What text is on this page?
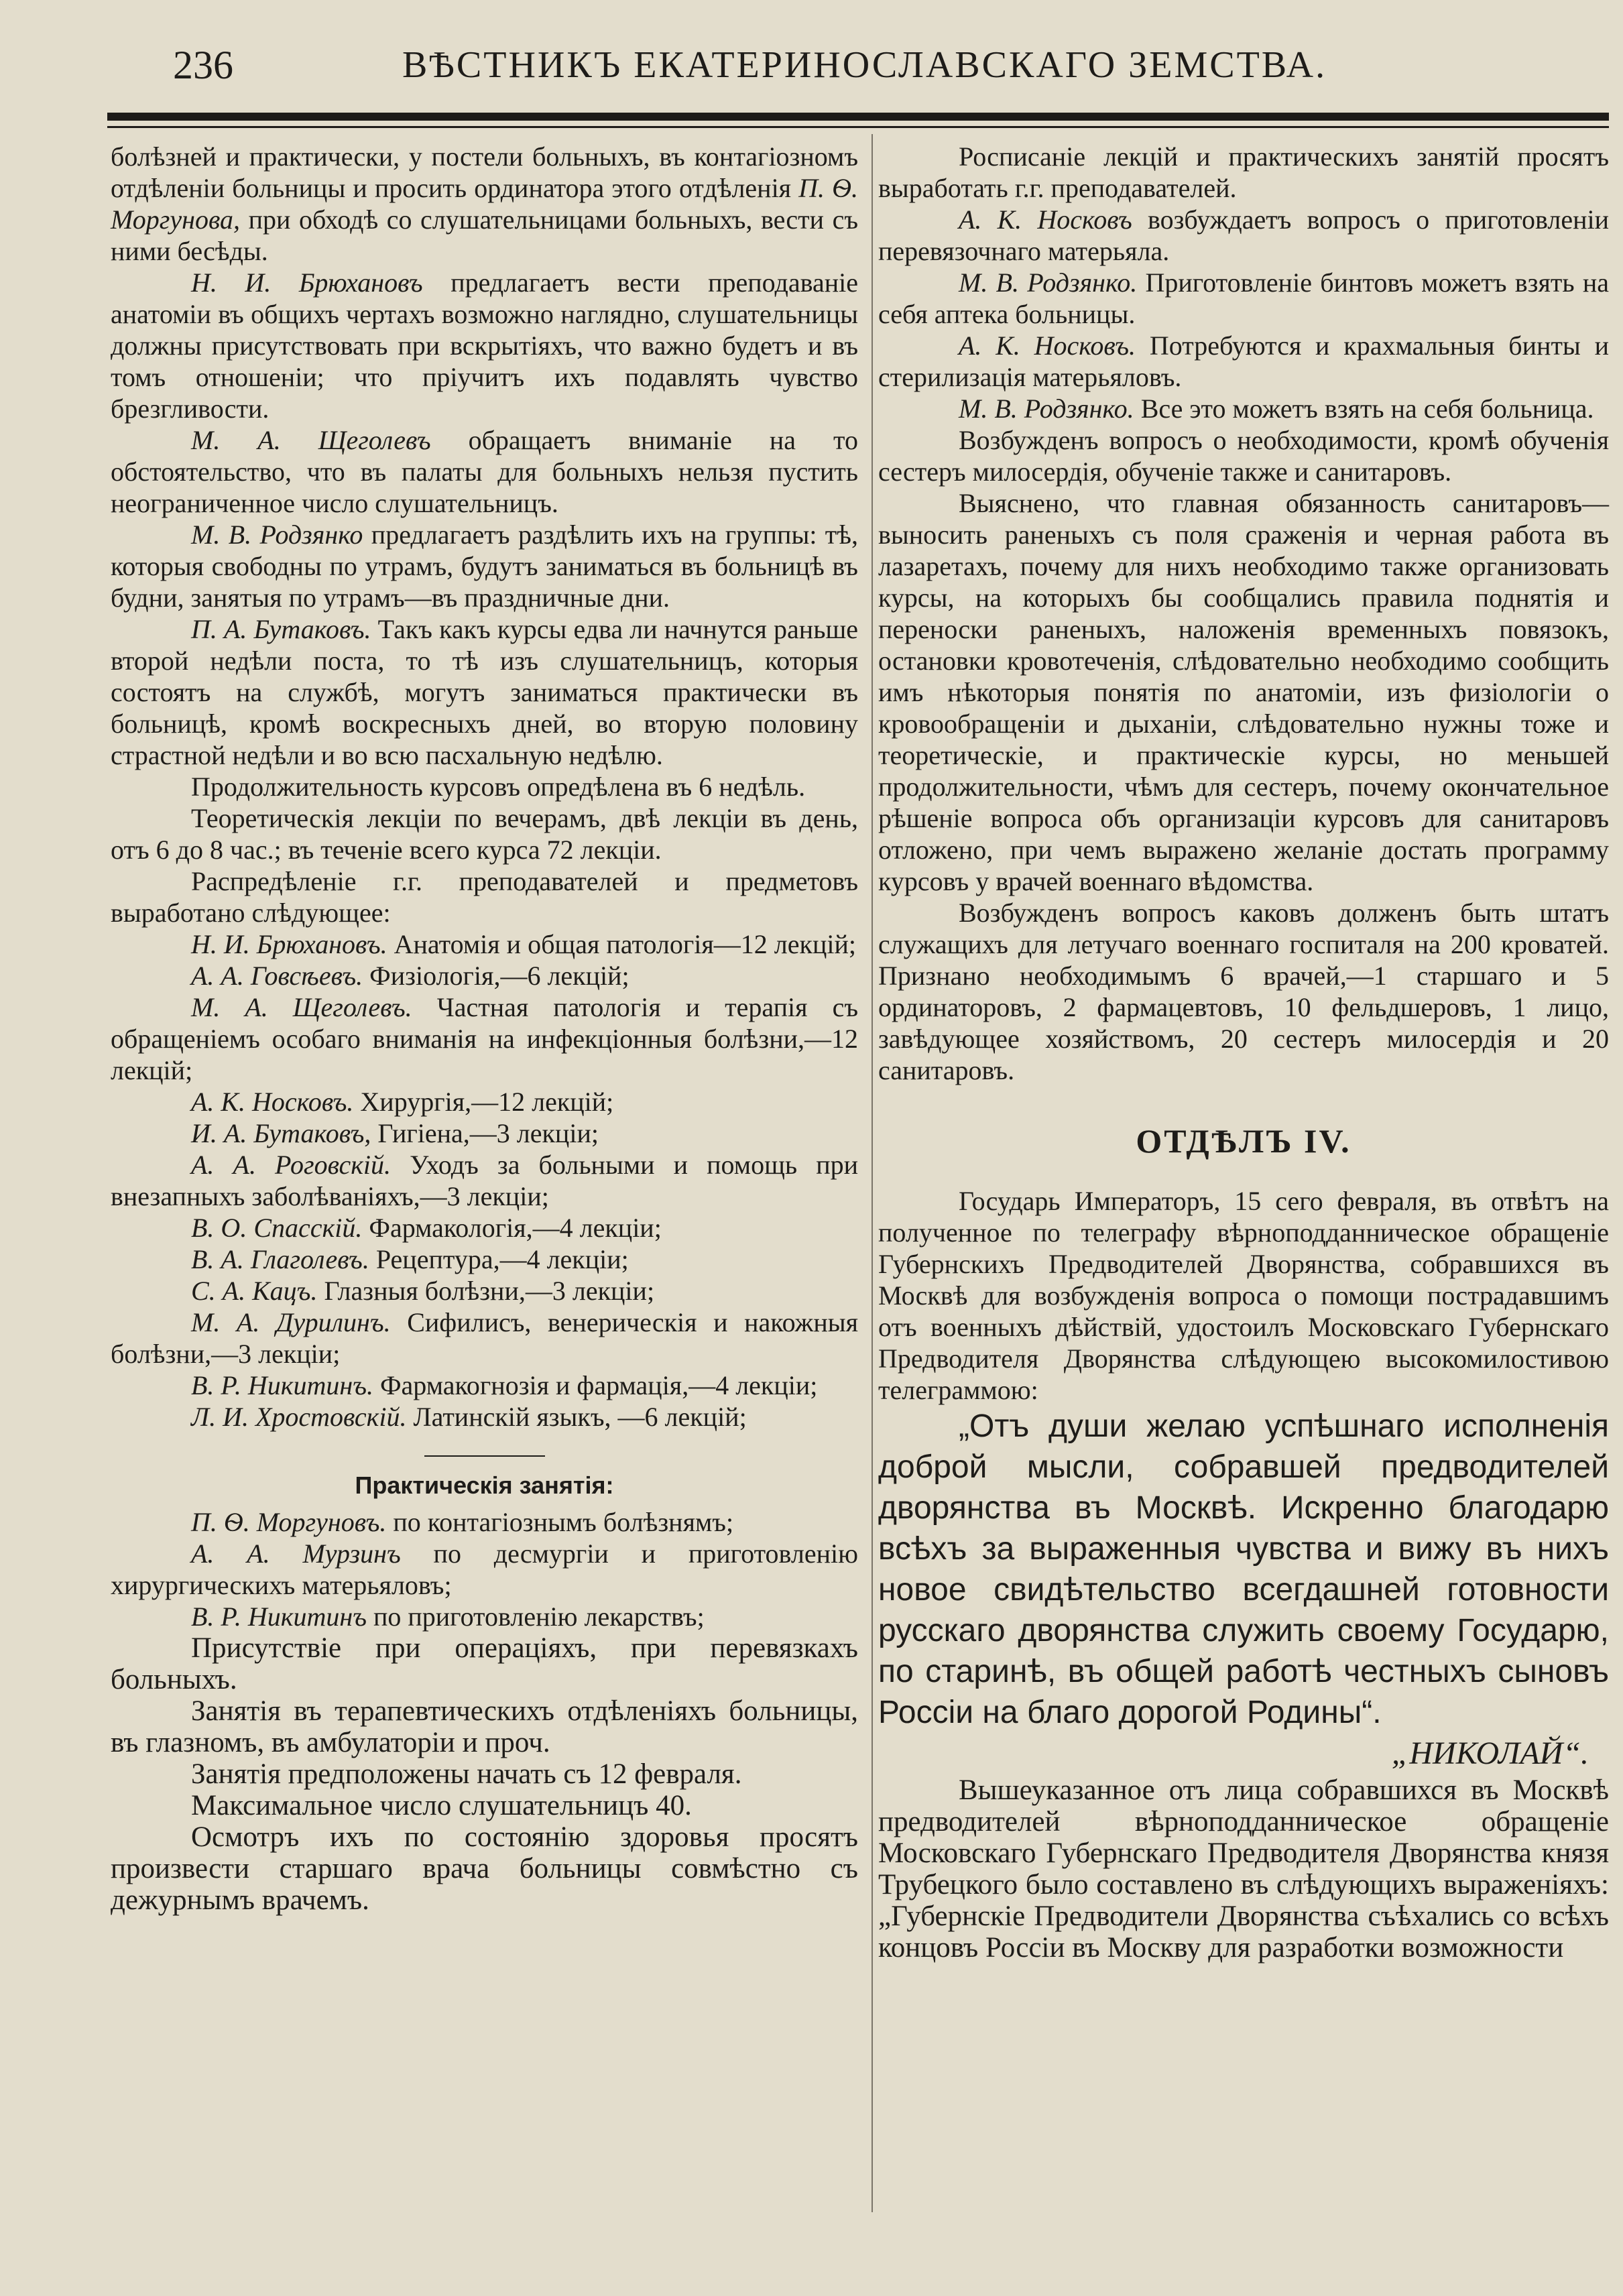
236	ВѢСТНИКЪ ЕКАТЕРИНОСЛАВСКАГО ЗЕМСТВА.

болѣзней и практически, у постели больныхъ, въ контагіозномъ отдѣленіи больницы и просить ординатора этого отдѣленія П. Ѳ. Моргунова, при обходѣ со слушательницами больныхъ, вести съ ними бесѣды.

Н. И. Брюхановъ предлагаетъ вести преподаваніе анатоміи въ общихъ чертахъ возможно наглядно, слушательницы должны присутствовать при вскрытіяхъ, что важно будетъ и въ томъ отношеніи; что пріучитъ ихъ подавлять чувство брезгливости.

М. А. Щеголевъ обращаетъ вниманіе на то обстоятельство, что въ палаты для больныхъ нельзя пустить неограниченное число слушательницъ.

М. В. Родзянко предлагаетъ раздѣлить ихъ на группы: тѣ, которыя свободны по утрамъ, будутъ заниматься въ больницѣ въ будни, занятыя по утрамъ—въ праздничные дни.

П. А. Бутаковъ. Такъ какъ курсы едва ли начнутся раньше второй недѣли поста, то тѣ изъ слушательницъ, которыя состоятъ на службѣ, могутъ заниматься практически въ больницѣ, кромѣ воскресныхъ дней, во вторую половину страстной недѣли и во всю пасхальную недѣлю.

Продолжительность курсовъ опредѣлена въ 6 недѣль.

Теоретическія лекціи по вечерамъ, двѣ лекціи въ день, отъ 6 до 8 час.; въ теченіе всего курса 72 лекціи.

Распредѣленіе г.г. преподавателей и предметовъ выработано слѣдующее:

Н. И. Брюхановъ. Анатомія и общая патологія—12 лекцій;

А. А. Говсѣевъ. Физіологія,—6 лекцій;

М. А. Щеголевъ. Частная патологія и терапія съ обращеніемъ особаго вниманія на инфекціонныя болѣзни,—12 лекцій;

А. К. Носковъ. Хирургія,—12 лекцій;

И. А. Бутаковъ, Гигіена,—3 лекціи;

А. А. Роговскій. Уходъ за больными и помощь при внезапныхъ заболѣваніяхъ,—3 лекціи;

В. О. Спасскій. Фармакологія,—4 лекціи;

В. А. Глаголевъ. Рецептура,—4 лекціи;

С. А. Кацъ. Глазныя болѣзни,—3 лекціи;

М. А. Дурилинъ. Сифилисъ, венерическія и накожныя болѣзни,—3 лекціи;

В. Р. Никитинъ. Фармакогнозія и фармація,—4 лекціи;

Л. И. Хростовскій. Латинскій языкъ, —6 лекцій;

Практическія занятія:

П. Ѳ. Моргуновъ. по контагіознымъ болѣзнямъ;

А. А. Мурзинъ по десмургіи и приготовленію хирургическихъ матерьяловъ;

В. Р. Никитинъ по приготовленію лекарствъ;

Присутствіе при операціяхъ, при перевязкахъ больныхъ.

Занятія въ терапевтическихъ отдѣленіяхъ больницы, въ глазномъ, въ амбулаторіи и проч.

Занятія предположены начать съ 12 февраля.

Максимальное число слушательницъ 40.

Осмотръ ихъ по состоянію здоровья просятъ произвести старшаго врача больницы совмѣстно съ дежурнымъ врачемъ.

Росписаніе лекцій и практическихъ занятій просятъ выработать г.г. преподавателей.

А. К. Носковъ возбуждаетъ вопросъ о приготовленіи перевязочнаго матерьяла.

М. В. Родзянко. Приготовленіе бинтовъ можетъ взять на себя аптека больницы.

А. К. Носковъ. Потребуются и крахмальныя бинты и стерилизація матерьяловъ.

М. В. Родзянко. Все это можетъ взять на себя больница.

Возбужденъ вопросъ о необходимости, кромѣ обученія сестеръ милосердія, обученіе также и санитаровъ.

Выяснено, что главная обязанность санитаровъ—выносить раненыхъ съ поля сраженія и черная работа въ лазаретахъ, почему для нихъ необходимо также организовать курсы, на которыхъ бы сообщались правила поднятія и переноски раненыхъ, наложенія временныхъ повязокъ, остановки кровотеченія, слѣдовательно необходимо сообщить имъ нѣкоторыя понятія по анатоміи, изъ физіологіи о кровообращеніи и дыханіи, слѣдовательно нужны тоже и теоретическіе, и практическіе курсы, но меньшей продолжительности, чѣмъ для сестеръ, почему окончательное рѣшеніе вопроса объ организаціи курсовъ для санитаровъ отложено, при чемъ выражено желаніе достать программу курсовъ у врачей военнаго вѣдомства.

Возбужденъ вопросъ каковъ долженъ быть штатъ служащихъ для летучаго военнаго госпиталя на 200 кроватей. Признано необходимымъ 6 врачей,—1 старшаго и 5 ординаторовъ, 2 фармацевтовъ, 10 фельдшеровъ, 1 лицо, завѣдующее хозяйствомъ, 20 сестеръ милосердія и 20 санитаровъ.

ОТДѢЛЪ IV.

Государь Императоръ, 15 сего февраля, въ отвѣтъ на полученное по телеграфу вѣрноподданническое обращеніе Губернскихъ Предводителей Дворянства, собравшихся въ Москвѣ для возбужденія вопроса о помощи пострадавшимъ отъ военныхъ дѣйствій, удостоилъ Московскаго Губернскаго Предводителя Дворянства слѣдующею высокомилостивою телеграммою:

„Отъ души желаю успѣшнаго исполненія доброй мысли, собравшей предводителей дворянства въ Москвѣ. Искренно благодарю всѣхъ за выраженныя чувства и вижу въ нихъ новое свидѣтельство всегдашней готовности русскаго дворянства служить своему Государю, по старинѣ, въ общей работѣ честныхъ сыновъ Россіи на благо дорогой Родины“.

„НИКОЛАЙ“.

Вышеуказанное отъ лица собравшихся въ Москвѣ предводителей вѣрноподданническое обращеніе Московскаго Губернскаго Предводителя Дворянства князя Трубецкого было составлено въ слѣдующихъ выраженіяхъ: „Губернскіе Предводители Дворянства съѣхались со всѣхъ концовъ Россіи въ Москву для разработки возможности
